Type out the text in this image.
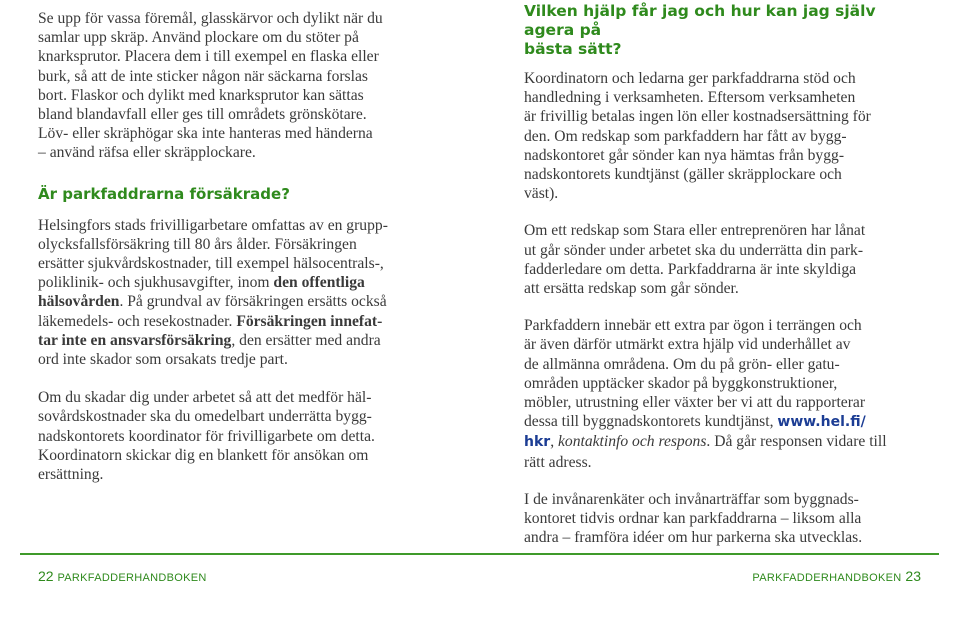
Se upp för vassa föremål, glasskärvor och dylikt när du
samlar upp skräp. Använd plockare om du stöter på
knarksprutor. Placera dem i till exempel en flaska eller
burk, så att de inte sticker någon när säckarna forslas
bort. Flaskor och dylikt med knarksprutor kan sättas
bland blandavfall eller ges till områdets grönskötare.
Löv- eller skräphögar ska inte hanteras med händerna
– använd räfsa eller skräpplockare.

Är parkfaddrarna försäkrade?

Helsingfors stads frivilligarbetare omfattas av en grupp-
olycksfallsförsäkring till 80 års ålder. Försäkringen
ersätter sjukvårdskostnader, till exempel hälsocentrals-,
poliklinik- och sjukhusavgifter, inom den offentliga
hälsovården. På grundval av försäkringen ersätts också
läkemedels- och resekostnader. Försäkringen innefat-
tar inte en ansvarsförsäkring, den ersätter med andra
ord inte skador som orsakats tredje part.

Om du skadar dig under arbetet så att det medför häl-
sovårdskostnader ska du omedelbart underrätta bygg-
nadskontorets koordinator för frivilligarbete om detta.
Koordinatorn skickar dig en blankett för ansökan om
ersättning.

Vilken hjälp får jag och hur kan jag själv agera på
bästa sätt?

Koordinatorn och ledarna ger parkfaddrarna stöd och
handledning i verksamheten. Eftersom verksamheten
är frivillig betalas ingen lön eller kostnadsersättning för
den. Om redskap som parkfaddern har fått av bygg-
nadskontoret går sönder kan nya hämtas från bygg-
nadskontorets kundtjänst (gäller skräpplockare och
väst).

Om ett redskap som Stara eller entreprenören har lånat
ut går sönder under arbetet ska du underrätta din park-
fadderledare om detta. Parkfaddrarna är inte skyldiga
att ersätta redskap som går sönder.

Parkfaddern innebär ett extra par ögon i terrängen och
är även därför utmärkt extra hjälp vid underhållet av
de allmänna områdena. Om du på grön- eller gatu-
områden upptäcker skador på byggkonstruktioner,
möbler, utrustning eller växter ber vi att du rapporterar
dessa till byggnadskontorets kundtjänst, www.hel.fi/
hkr, kontaktinfo och respons. Då går responsen vidare till
rätt adress.

I de invånarenkäter och invånarträffar som byggnads-
kontoret tidvis ordnar kan parkfaddrarna – liksom alla
andra – framföra idéer om hur parkerna ska utvecklas.

22 PARKFADDERHANDBOKEN	PARKFADDERHANDBOKEN 23
